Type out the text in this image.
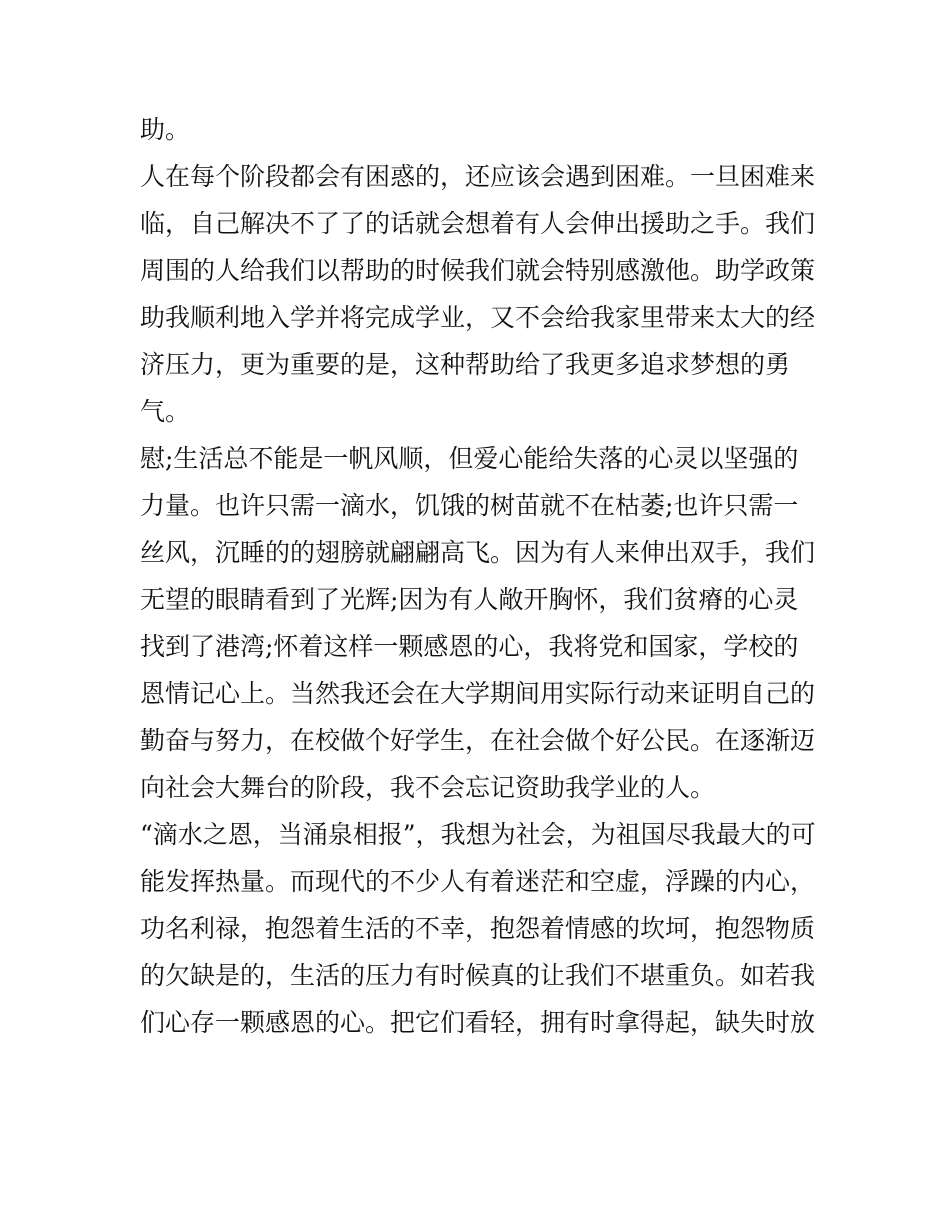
助。
人在每个阶段都会有困惑的，还应该会遇到困难。一旦困难来
临，自己解决不了了的话就会想着有人会伸出援助之手。我们
周围的人给我们以帮助的时候我们就会特别感激他。助学政策
助我顺利地入学并将完成学业，又不会给我家里带来太大的经
济压力，更为重要的是，这种帮助给了我更多追求梦想的勇
气。
慰;生活总不能是一帆风顺，但爱心能给失落的心灵以坚强的
力量。也许只需一滴水，饥饿的树苗就不在枯萎;也许只需一
丝风，沉睡的的翅膀就翩翩高飞。因为有人来伸出双手，我们
无望的眼睛看到了光辉;因为有人敞开胸怀，我们贫瘠的心灵
找到了港湾;怀着这样一颗感恩的心，我将党和国家，学校的
恩情记心上。当然我还会在大学期间用实际行动来证明自己的
勤奋与努力，在校做个好学生，在社会做个好公民。在逐渐迈
向社会大舞台的阶段，我不会忘记资助我学业的人。
“滴水之恩，当涌泉相报”，我想为社会，为祖国尽我最大的可
能发挥热量。而现代的不少人有着迷茫和空虚，浮躁的内心，
功名利禄，抱怨着生活的不幸，抱怨着情感的坎坷，抱怨物质
的欠缺是的，生活的压力有时候真的让我们不堪重负。如若我
们心存一颗感恩的心。把它们看轻，拥有时拿得起，缺失时放
